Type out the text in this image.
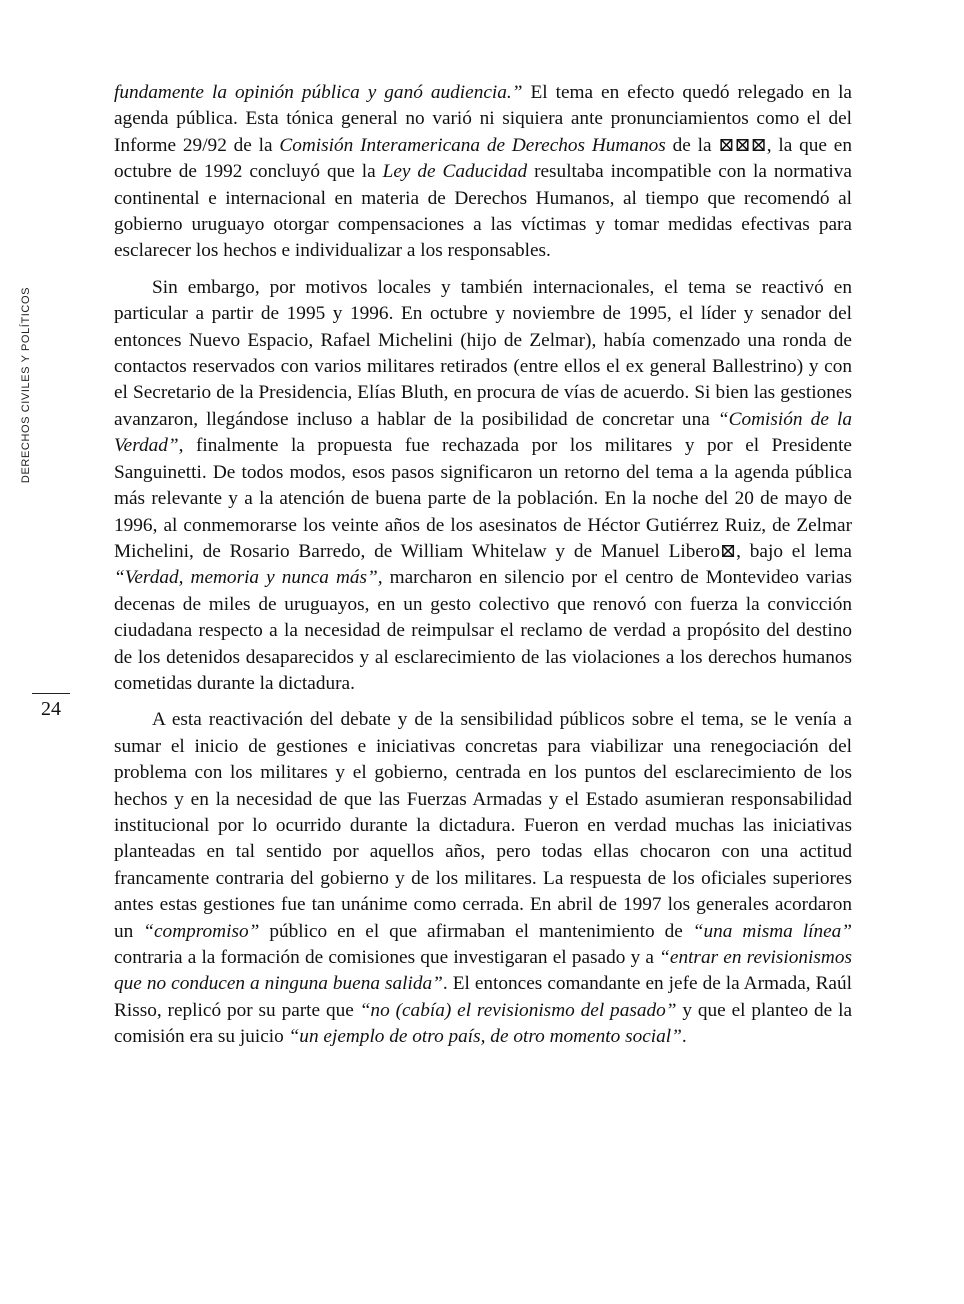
DERECHOS CIVILES Y POLÍTICOS
24

fundamente la opinión pública y ganó audiencia.” El tema en efecto quedó relegado en la agenda pública. Esta tónica general no varió ni siquiera ante pronunciamientos como el del Informe 29/92 de la Comisión Interamericana de Derechos Humanos de la ⊠⊠⊠, la que en octubre de 1992 concluyó que la Ley de Caducidad resultaba incompatible con la normativa continental e internacional en materia de Derechos Humanos, al tiempo que recomendó al gobierno uruguayo otorgar compensaciones a las víctimas y tomar medidas efectivas para esclarecer los hechos e individualizar a los responsables.

Sin embargo, por motivos locales y también internacionales, el tema se reactivó en particular a partir de 1995 y 1996. En octubre y noviembre de 1995, el líder y senador del entonces Nuevo Espacio, Rafael Michelini (hijo de Zelmar), había comenzado una ronda de contactos reservados con varios militares retirados (entre ellos el ex general Ballestrino) y con el Secretario de la Presidencia, Elías Bluth, en procura de vías de acuerdo. Si bien las gestiones avanzaron, llegándose incluso a hablar de la posibilidad de concretar una “Comisión de la Verdad”, finalmente la propuesta fue rechazada por los militares y por el Presidente Sanguinetti. De todos modos, esos pasos significaron un retorno del tema a la agenda pública más relevante y a la atención de buena parte de la población. En la noche del 20 de mayo de 1996, al conmemorarse los veinte años de los asesinatos de Héctor Gutiérrez Ruiz, de Zelmar Michelini, de Rosario Barredo, de William Whitelaw y de Manuel Libero⊠, bajo el lema “Verdad, memoria y nunca más”, marcharon en silencio por el centro de Montevideo varias decenas de miles de uruguayos, en un gesto colectivo que renovó con fuerza la convicción ciudadana respecto a la necesidad de reimpulsar el reclamo de verdad a propósito del destino de los detenidos desaparecidos y al esclarecimiento de las violaciones a los derechos humanos cometidas durante la dictadura.

A esta reactivación del debate y de la sensibilidad públicos sobre el tema, se le venía a sumar el inicio de gestiones e iniciativas concretas para viabilizar una renegociación del problema con los militares y el gobierno, centrada en los puntos del esclarecimiento de los hechos y en la necesidad de que las Fuerzas Armadas y el Estado asumieran responsabilidad institucional por lo ocurrido durante la dictadura. Fueron en verdad muchas las iniciativas planteadas en tal sentido por aquellos años, pero todas ellas chocaron con una actitud francamente contraria del gobierno y de los militares. La respuesta de los oficiales superiores antes estas gestiones fue tan unánime como cerrada. En abril de 1997 los generales acordaron un “compromiso” público en el que afirmaban el mantenimiento de “una misma línea” contraria a la formación de comisiones que investigaran el pasado y a “entrar en revisionismos que no conducen a ninguna buena salida”. El entonces comandante en jefe de la Armada, Raúl Risso, replicó por su parte que “no (cabía) el revisionismo del pasado” y que el planteo de la comisión era su juicio “un ejemplo de otro país, de otro momento social”.
